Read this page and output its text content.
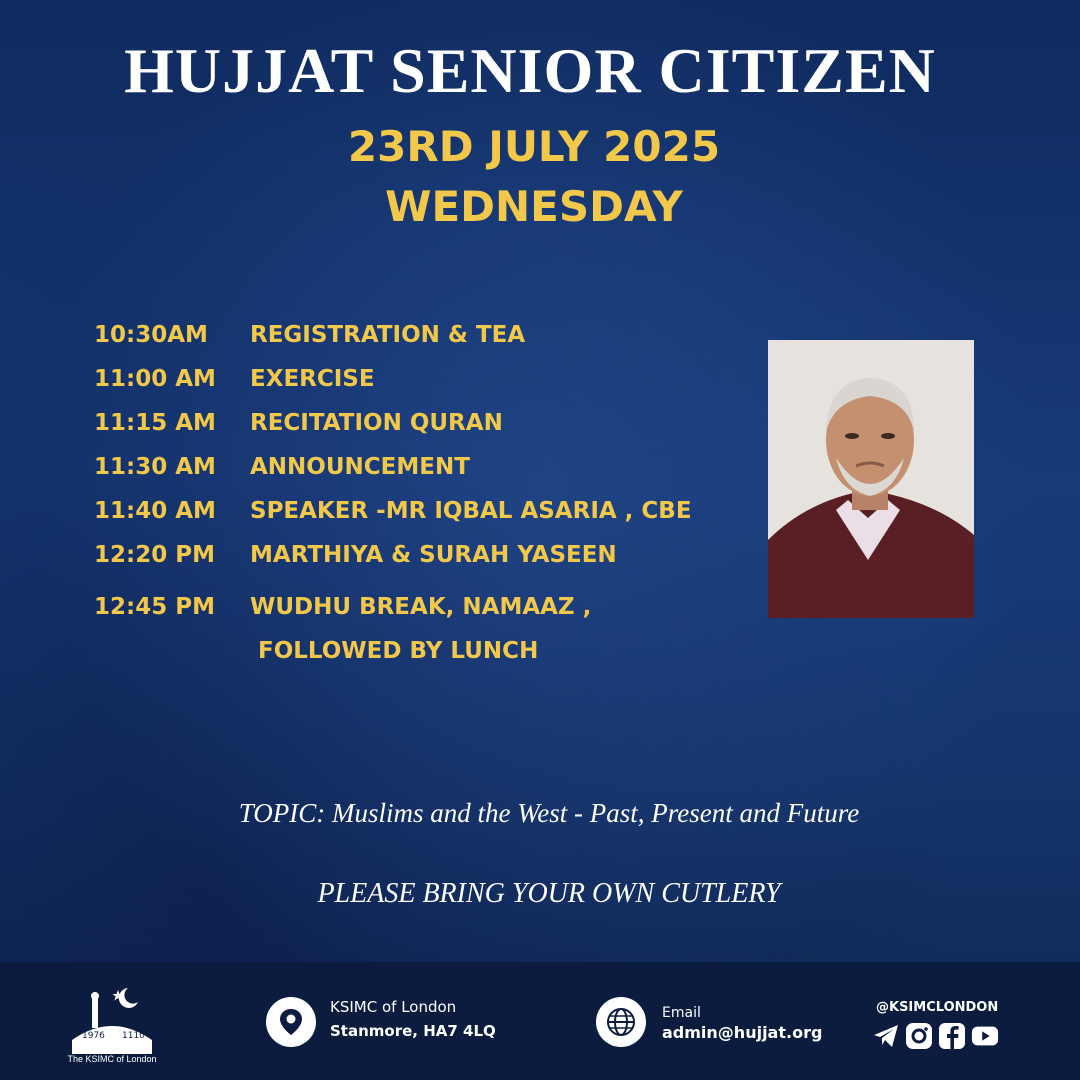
HUJJAT SENIOR CITIZEN
23RD JULY 2025
WEDNESDAY
10:30AM REGISTRATION & TEA
11:00 AM EXERCISE
11:15 AM RECITATION QURAN
11:30 AM ANNOUNCEMENT
11:40 AM SPEAKER -MR IQBAL ASARIA , CBE
12:20 PM MARTHIYA & SURAH YASEEN
12:45 PM WUDHU BREAK, NAMAAZ ,
FOLLOWED BY LUNCH

TOPIC: Muslims and the West - Past, Present and Future

PLEASE BRING YOUR OWN CUTLERY

1976 1110
The KSIMC of London
KSIMC of London
Stanmore, HA7 4LQ
Email
admin@hujjat.org
@KSIMCLONDON
